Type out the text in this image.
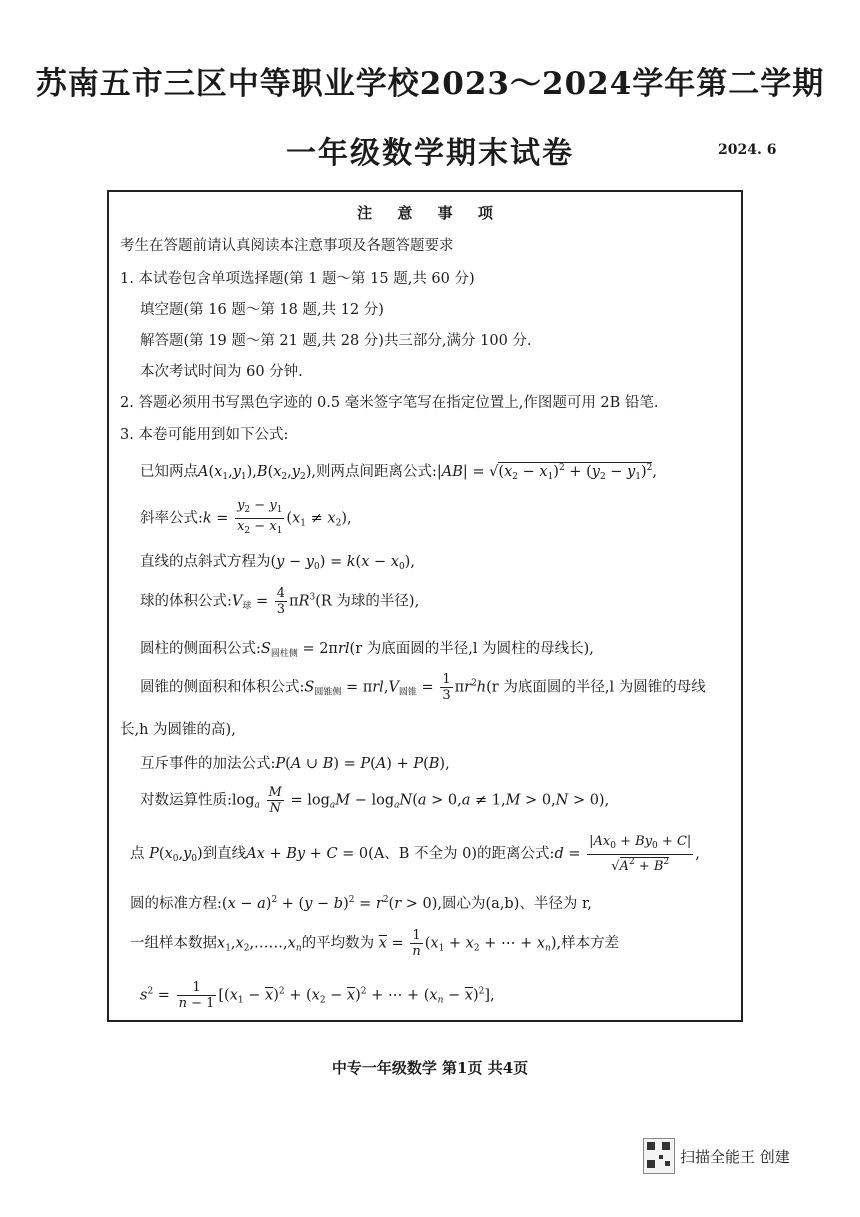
苏南五市三区中等职业学校2023～2024学年第二学期
一年级数学期末试卷	2024. 6
注 意 事 项
考生在答题前请认真阅读本注意事项及各题答题要求
1. 本试卷包含单项选择题(第 1 题～第 15 题,共 60 分)
填空题(第 16 题～第 18 题,共 12 分)
解答题(第 19 题～第 21 题,共 28 分)共三部分,满分 100 分.
本次考试时间为 60 分钟.
2. 答题必须用书写黑色字迹的 0.5 毫米签字笔写在指定位置上,作图题可用 2B 铅笔.
3. 本卷可能用到如下公式:
已知两点$A(x_1,y_1),B(x_2,y_2)$,则两点间距离公式:|AB| = $√(x_2 - x_1)^2 + (y_2 - y_1)^2$,
斜率公式:k = $\frac{y_2 - y_1}{x_2 - x_1} (x_1 \ne x_2)$,
直线的点斜式方程为$(y - y_0) = k(x - x_0)$,
球的体积公式$:V_球 = \frac{4}{3} \pi R^3(R$ 为球的半径),
圆柱的侧面积公式$:S_{圆柱侧} = 2\pi rl(r$ 为底面圆的半径,l 为圆柱的母线长),
圆锥的侧面积和体积公式$:S_{圆锥侧} = \pi rl,V_{圆锥} = \frac{1}{3} \pi r^2h(r$ 为底面圆的半径,l 为圆锥的母线
长,h 为圆锥的高),
互斥事件的加法公式:P(A ∪ B) = P(A) + P(B),
对数运算性质$:\log_a \frac{M}{N} = \log_aM - \log_aN(a > 0,a \ne 1,M > 0,N > 0)$,
点 $P(x_0,y_0)$到直线Ax + By + C = 0(A、B 不全为 0)的距离公式:d = $\frac{|Ax_0 + By_0 + C|}{√A^2 + B^2}$ ,
圆的标准方程:(x − $a)^2 + (y - b)^2 = r^2(r > 0)$,圆心为(a,b)、半径为 r,
一组样本数据$x_1,x_2,\dots\dots,x_n$的平均数为 $\overline{x} = \frac{1}{n} (x_1 + x_2$ + ⋯ + $x_n$),样本方差
$s^2 = \frac{1}{n - 1} [(x_1 - \overline{x})^2 + (x_2 - \overline{x})^2$ + ⋯ + $(x_n - \overline{x})^2$],
中专一年级数学 第1页 共4页
扫描全能王 创建
